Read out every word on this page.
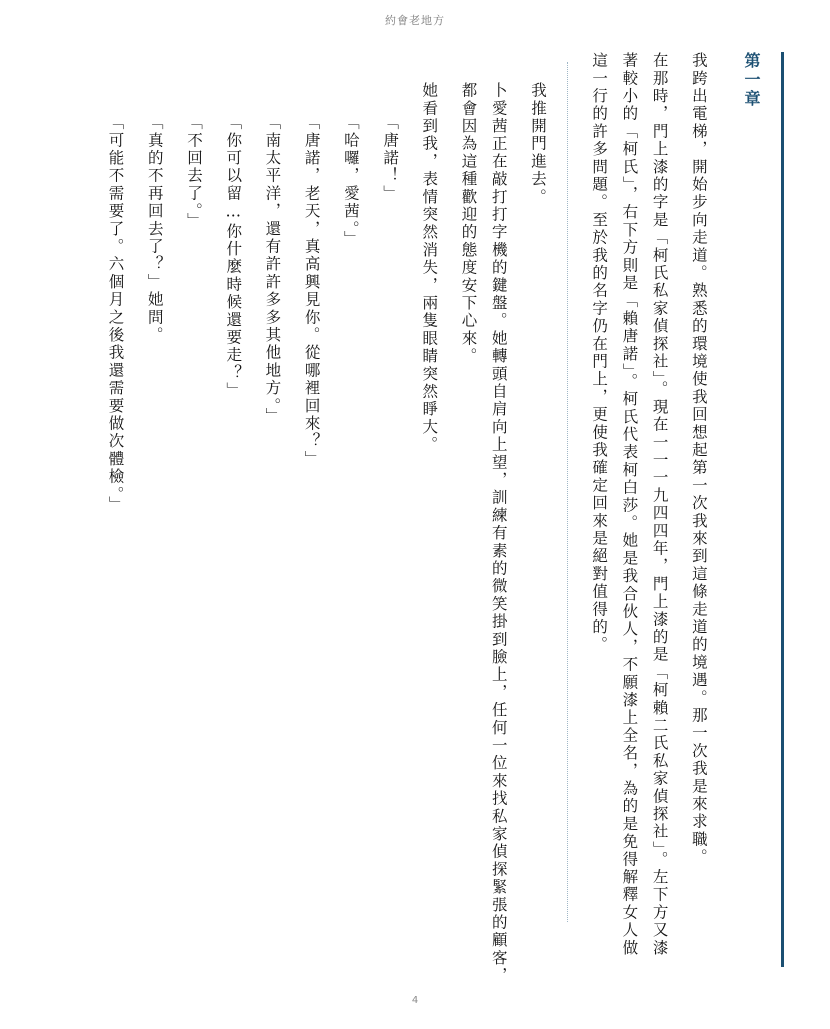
約會老地方
第一章
我跨出電梯，開始步向走道。熟悉的環境使我回想起第一次我來到這條走道的境遇。那一次我是來求職。
在那時，門上漆的字是「柯氏私家偵探社」。現在一一一九四四年，門上漆的是「柯賴二氏私家偵探社」。左下方又漆著較小的「柯氏」，右下方則是「賴唐諾」。柯氏代表柯白莎。她是我合伙人，不願漆上全名，為的是免得解釋女人做這一行的許多問題。至於我的名字仍在門上，更使我確定回來是絕對值得的。
我推開門進去。
卜愛茜正在敲打打字機的鍵盤。她轉頭自肩向上望，訓練有素的微笑掛到臉上，任何一位來找私家偵探緊張的顧客，都會因為這種歡迎的態度安下心來。
她看到我，表情突然消失，兩隻眼睛突然睜大。
「唐諾！」
「哈囉，愛茜。」
「唐諾，老天，真高興見你。從哪裡回來？」
「南太平洋，還有許許多多其他地方。」
「你可以留…你什麼時候還要走？」
「不回去了。」
「真的不再回去了？」她問。
「可能不需要了。六個月之後我還需要做次體檢。」
4
